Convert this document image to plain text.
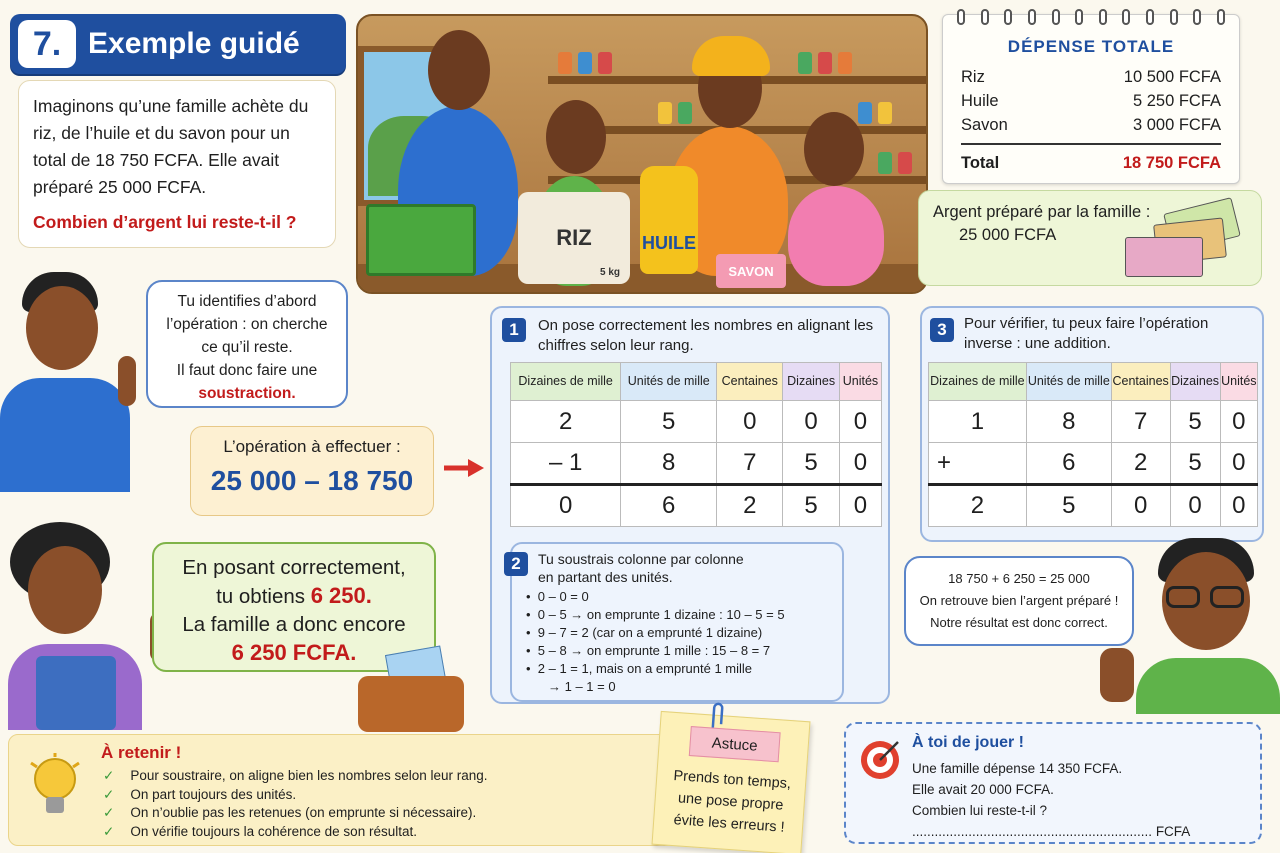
7. Exemple guidé

Imaginons qu’une famille achète du riz, de l’huile et du savon pour un total de 18 750 FCFA. Elle avait préparé 25 000 FCFA.

Combien d’argent lui reste-t-il ?

RIZ
5 kg
HUILE
SAVON
DÉPENSE TOTALE
Riz	10 500 FCFA
Huile	5 250 FCFA
Savon	3 000 FCFA
Total	18 750 FCFA
Argent préparé par la famille :
25 000 FCFA
Tu identifies d’abord
l’opération : on cherche
ce qu’il reste.
Il faut donc faire une
soustraction.
L’opération à effectuer :
25 000 – 18 750
En posant correctement,
tu obtiens 6 250.
La famille a donc encore
6 250 FCFA.
1	On pose correctement les nombres en alignant les chiffres selon leur rang.
Dizaines de mille	Unités de mille	Centaines	Dizaines	Unités
2	5	0	0	0
– 1	8	7	5	0
0	6	2	5	0
2	Tu soustrais colonne par colonne
en partant des unités.
•  0 – 0 = 0
•  0 – 5 → on emprunte 1 dizaine : 10 – 5 = 5
•  9 – 7 = 2 (car on a emprunté 1 dizaine)
•  5 – 8 → on emprunte 1 mille : 15 – 8 = 7
•  2 – 1 = 1, mais on a emprunté 1 mille
→ 1 – 1 = 0
3	Pour vérifier, tu peux faire l’opération inverse : une addition.
Dizaines de mille	Unités de mille	Centaines	Dizaines	Unités
1	8	7	5	0
+	6	2	5	0
2	5	0	0	0
18 750 + 6 250 = 25 000
On retrouve bien l’argent préparé !
Notre résultat est donc correct.
À retenir !
✓ Pour soustraire, on aligne bien les nombres selon leur rang.
✓ On part toujours des unités.
✓ On n’oublie pas les retenues (on emprunte si nécessaire).
✓ On vérifie toujours la cohérence de son résultat.
Astuce
Prends ton temps,
une pose propre
évite les erreurs !
À toi de jouer !
Une famille dépense 14 350 FCFA.
Elle avait 20 000 FCFA.
Combien lui reste-t-il ?
................................................................ FCFA
